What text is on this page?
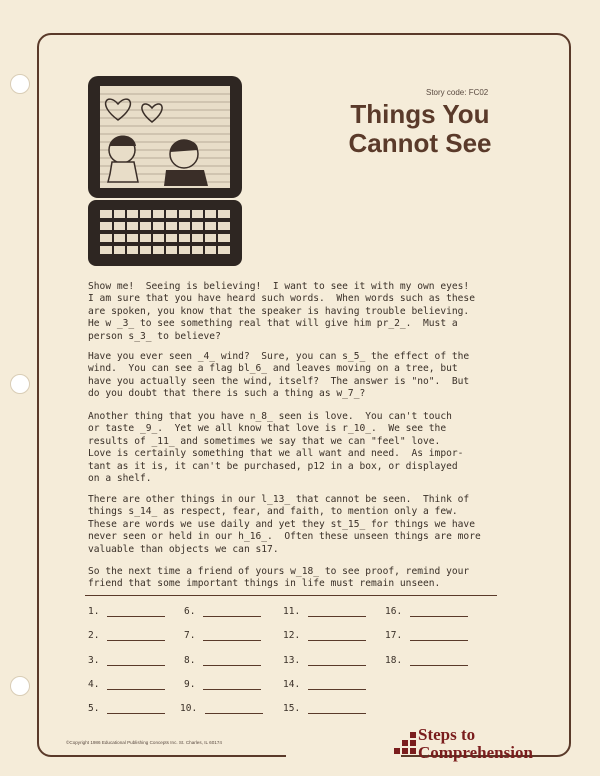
Story code: FC02
Things You
Cannot See
Show me!  Seeing is believing!  I want to see it with my own eyes!
I am sure that you have heard such words.  When words such as these
are spoken, you know that the speaker is having trouble believing.
He w _3_ to see something real that will give him pr_2_.  Must a
person s_3_ to believe?
Have you ever seen _4_ wind?  Sure, you can s_5_ the effect of the
wind.  You can see a flag bl_6_ and leaves moving on a tree, but
have you actually seen the wind, itself?  The answer is "no".  But
do you doubt that there is such a thing as w_7_?
Another thing that you have n_8_ seen is love.  You can't touch
or taste _9_.  Yet we all know that love is r_10_.  We see the
results of _11_ and sometimes we say that we can "feel" love.
Love is certainly something that we all want and need.  As impor-
tant as it is, it can't be purchased, p12 in a box, or displayed
on a shelf.
There are other things in our l_13_ that cannot be seen.  Think of
things s_14_ as respect, fear, and faith, to mention only a few.
These are words we use daily and yet they st_15_ for things we have
never seen or held in our h_16_.  Often these unseen things are more
valuable than objects we can s17.
So the next time a friend of yours w_18_ to see proof, remind your
friend that some important things in life must remain unseen.
1.
2.
3.
4.
5.
6.
7.
8.
9.
10.
11.
12.
13.
14.
15.
16.
17.
18.
©Copyright 1986 Educational Publishing Concepts Inc. St. Charles, IL 60174	Steps to
Comprehension
